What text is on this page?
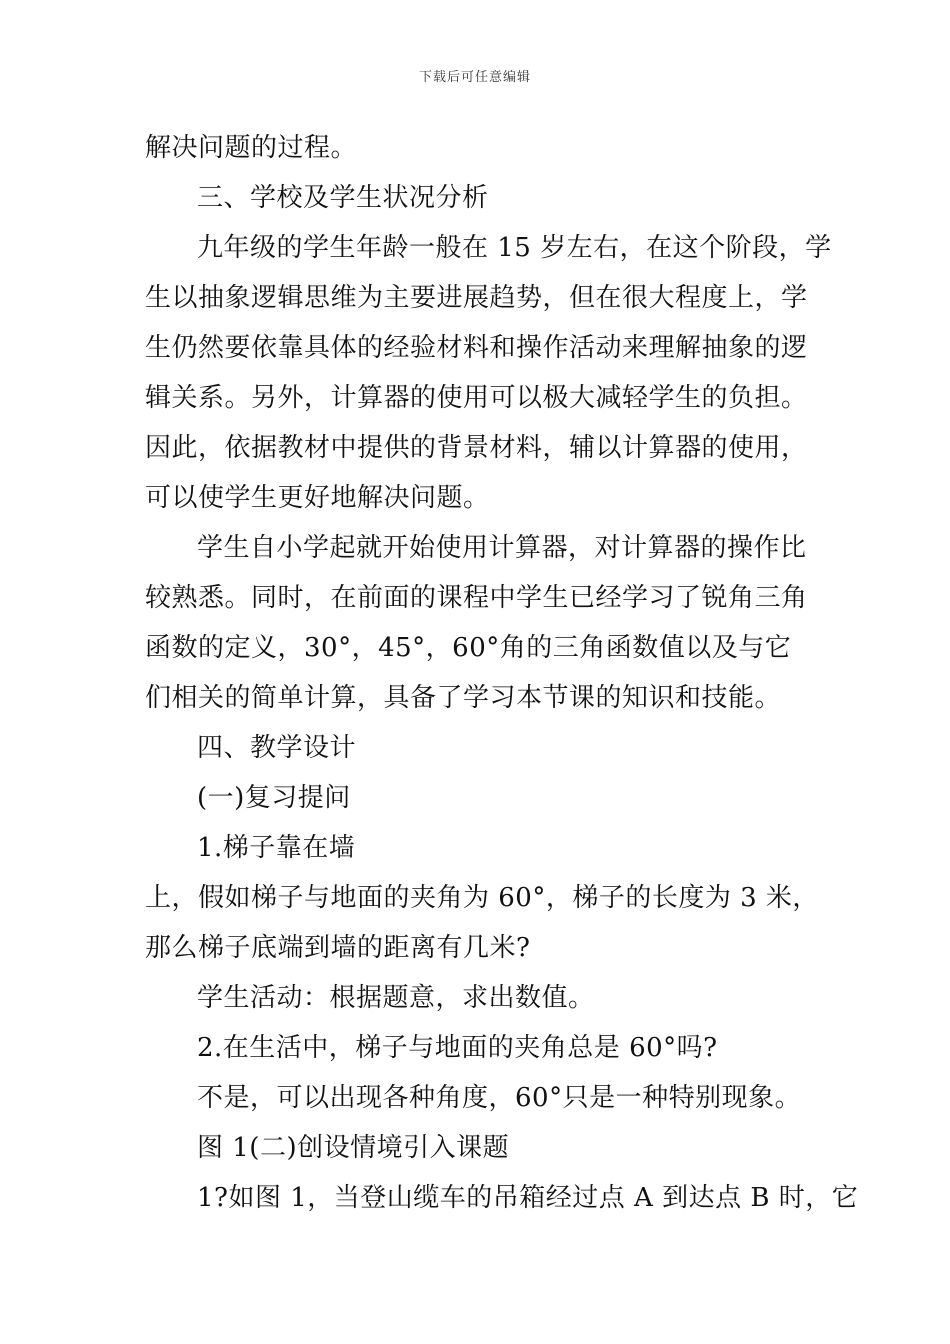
下载后可任意编辑
解决问题的过程。
三、学校及学生状况分析
九年级的学生年龄一般在 15 岁左右，在这个阶段，学
生以抽象逻辑思维为主要进展趋势，但在很大程度上，学
生仍然要依靠具体的经验材料和操作活动来理解抽象的逻
辑关系。另外，计算器的使用可以极大减轻学生的负担。
因此，依据教材中提供的背景材料，辅以计算器的使用，
可以使学生更好地解决问题。
学生自小学起就开始使用计算器，对计算器的操作比
较熟悉。同时，在前面的课程中学生已经学习了锐角三角
函数的定义，30°，45°，60°角的三角函数值以及与它
们相关的简单计算，具备了学习本节课的知识和技能。
四、教学设计
(一)复习提问
1.梯子靠在墙
上，假如梯子与地面的夹角为 60°，梯子的长度为 3 米，
那么梯子底端到墙的距离有几米?
学生活动：根据题意，求出数值。
2.在生活中，梯子与地面的夹角总是 60°吗?
不是，可以出现各种角度，60°只是一种特别现象。
图 1(二)创设情境引入课题
1?如图 1，当登山缆车的吊箱经过点 A 到达点 B 时，它
